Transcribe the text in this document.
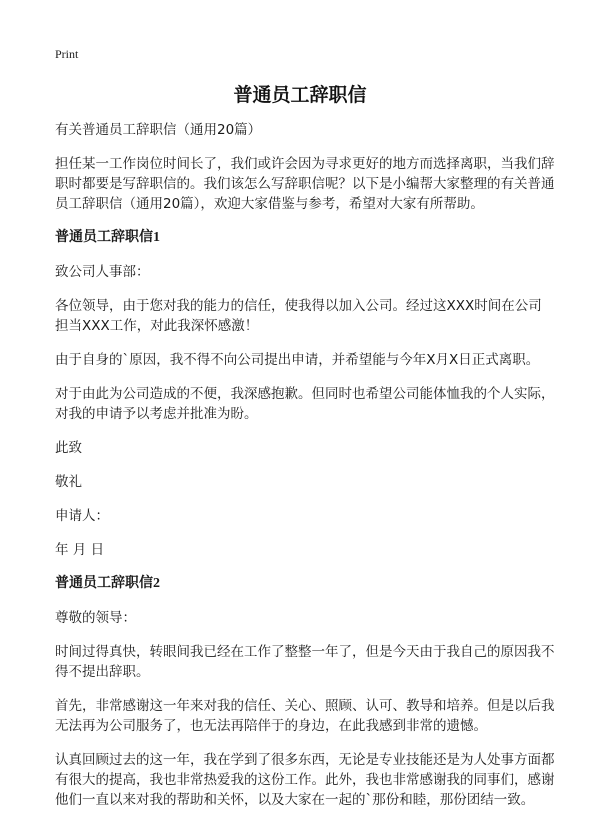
Print
普通员工辞职信

有关普通员工辞职信（通用20篇）

担任某一工作岗位时间长了，我们或许会因为寻求更好的地方而选择离职，当我们辞职时都要是写辞职信的。我们该怎么写辞职信呢？以下是小编帮大家整理的有关普通员工辞职信（通用20篇），欢迎大家借鉴与参考，希望对大家有所帮助。

普通员工辞职信1

致公司人事部：

各位领导，由于您对我的能力的信任，使我得以加入公司。经过这XXX时间在公司担当XXX工作，对此我深怀感激！

由于自身的`原因，我不得不向公司提出申请，并希望能与今年X月X日正式离职。

对于由此为公司造成的不便，我深感抱歉。但同时也希望公司能体恤我的个人实际，对我的申请予以考虑并批准为盼。

此致

敬礼

申请人：

年 月 日

普通员工辞职信2

尊敬的领导：

时间过得真快，转眼间我已经在工作了整整一年了，但是今天由于我自己的原因我不得不提出辞职。

首先，非常感谢这一年来对我的信任、关心、照顾、认可、教导和培养。但是以后我无法再为公司服务了，也无法再陪伴于的身边，在此我感到非常的遗憾。

认真回顾过去的这一年，我在学到了很多东西，无论是专业技能还是为人处事方面都有很大的提高，我也非常热爱我的这份工作。此外，我也非常感谢我的同事们，感谢他们一直以来对我的帮助和关怀，以及大家在一起的`那份和睦，那份团结一致。
